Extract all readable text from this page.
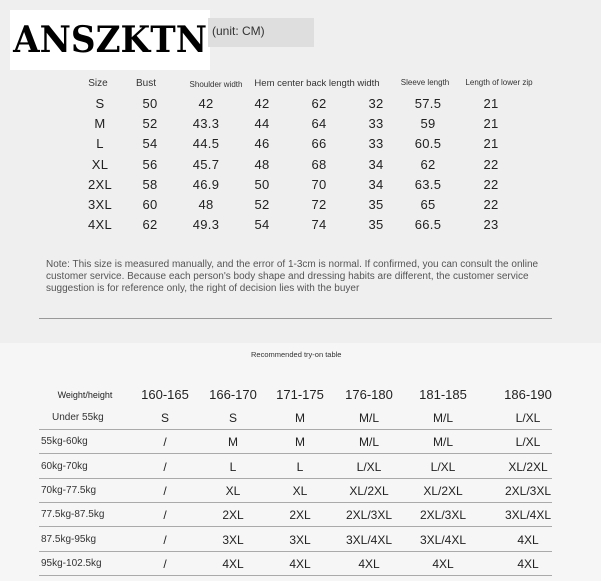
ANSZKTN (unit: CM)
Size	Bust	Shoulder width	Hem center back length width	Sleeve length	Length of lower zip
S	50	42	42	62	32	57.5	21
M	52	43.3	44	64	33	59	21
L	54	44.5	46	66	33	60.5	21
XL	56	45.7	48	68	34	62	22
2XL	58	46.9	50	70	34	63.5	22
3XL	60	48	52	72	35	65	22
4XL	62	49.3	54	74	35	66.5	23
Note: This size is measured manually, and the error of 1-3cm is normal. If confirmed, you can consult the online customer service. Because each person's body shape and dressing habits are different, the customer service suggestion is for reference only, the right of decision lies with the buyer
Recommended try-on table
Weight/height	160-165	166-170	171-175	176-180	181-185	186-190
Under 55kg	S	S	M	M/L	M/L	L/XL
55kg-60kg	/	M	M	M/L	M/L	L/XL
60kg-70kg	/	L	L	L/XL	L/XL	XL/2XL
70kg-77.5kg	/	XL	XL	XL/2XL	XL/2XL	2XL/3XL
77.5kg-87.5kg	/	2XL	2XL	2XL/3XL	2XL/3XL	3XL/4XL
87.5kg-95kg	/	3XL	3XL	3XL/4XL	3XL/4XL	4XL
95kg-102.5kg	/	4XL	4XL	4XL	4XL	4XL
